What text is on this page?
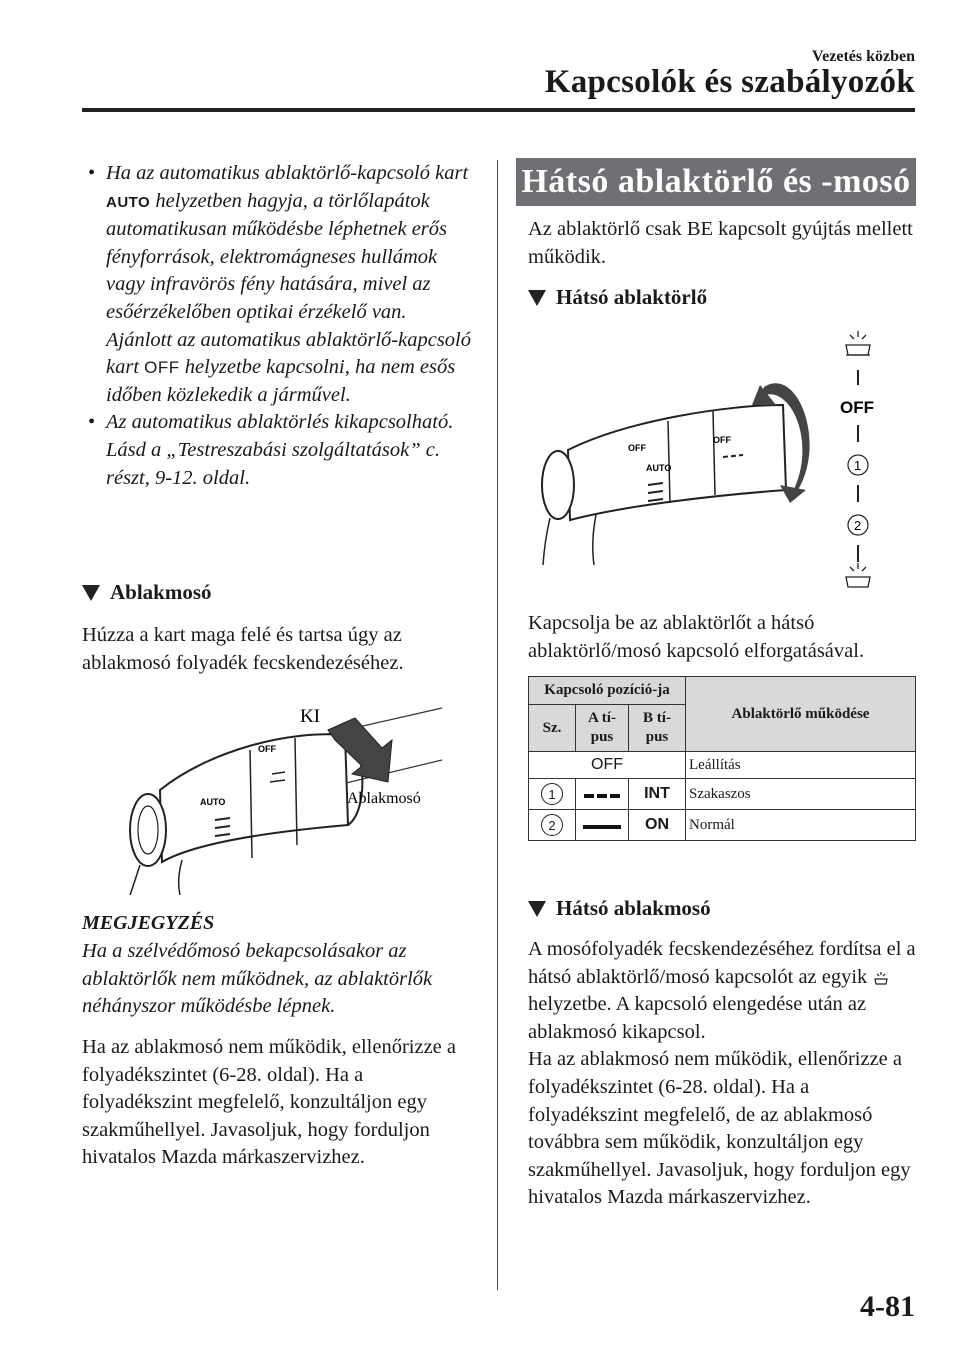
Vezetés közben
Kapcsolók és szabályozók
• Ha az automatikus ablaktörlő-kapcsoló kart AUTO helyzetben hagyja, a törlőlapátok automatikusan működésbe léphetnek erős fényforrások, elektromágneses hullámok vagy infravörös fény hatására, mivel az esőérzékelőben optikai érzékelő van. Ajánlott az automatikus ablaktörlő-kapcsoló kart OFF helyzetbe kapcsolni, ha nem esős időben közlekedik a járművel.
• Az automatikus ablaktörlés kikapcsolható.
Lásd a „Testreszabási szolgáltatások” c. részt, 9-12. oldal.
Ablakmosó
Húzza a kart maga felé és tartsa úgy az ablakmosó folyadék fecskendezéséhez.
AUTO
OFF
KI
Ablakmosó
MEGJEGYZÉS
Ha a szélvédőmosó bekapcsolásakor az ablaktörlők nem működnek, az ablaktörlők néhányszor működésbe lépnek.
Ha az ablakmosó nem működik, ellenőrizze a folyadékszintet (6-28. oldal). Ha a folyadékszint megfelelő, konzultáljon egy szakműhellyel. Javasoljuk, hogy forduljon hivatalos Mazda márkaszervizhez.
Hátsó ablaktörlő és -mosó
Az ablaktörlő csak BE kapcsolt gyújtás mellett működik.
Hátsó ablaktörlő
OFF
AUTO
OFF
OFF
1
2
Kapcsolja be az ablaktörlőt a hátsó ablaktörlő/mosó kapcsoló elforgatásával.
Kapcsoló pozíció-ja			Ablaktörlő működése
Sz.	A tí-pus	B tí-pus	
OFF			Leállítás
1		INT	Szakaszos
2		ON	Normál
Hátsó ablakmosó
A mosófolyadék fecskendezéséhez fordítsa el a hátsó ablaktörlő/mosó kapcsolót az egyik  helyzetbe. A kapcsoló elengedése után az ablakmosó kikapcsol.
Ha az ablakmosó nem működik, ellenőrizze a folyadékszintet (6-28. oldal). Ha a folyadékszint megfelelő, de az ablakmosó továbbra sem működik, konzultáljon egy szakműhellyel. Javasoljuk, hogy forduljon egy hivatalos Mazda márkaszervizhez.
4-81
